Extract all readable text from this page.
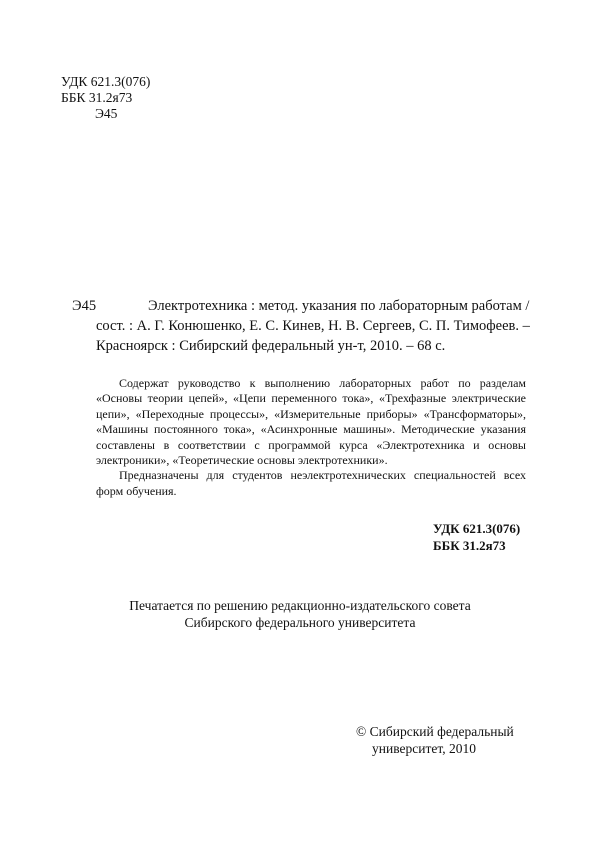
УДК 621.3(076)
ББК 31.2я73
Э45
Э45	Электротехника : метод. указания по лабораторным работам /
сост. : А. Г. Конюшенко, Е. С. Кинев, Н. В. Сергеев, С. П. Тимофеев. –
Красноярск : Сибирский федеральный ун-т, 2010. – 68 с.

Содержат руководство к выполнению лабораторных работ по разделам «Основы теории цепей», «Цепи переменного тока», «Трехфазные электрические цепи», «Переходные процессы», «Измерительные приборы» «Трансформаторы», «Машины постоянного тока», «Асинхронные машины». Методические указания составлены в соответствии с программой курса «Электротехника и основы электроники», «Теоретические основы электротехники».

Предназначены для студентов неэлектротехнических специальностей всех форм обучения.

УДК 621.3(076)
ББК 31.2я73
Печатается по решению редакционно-издательского совета
Сибирского федерального университета
© Сибирский федеральный
университет, 2010
